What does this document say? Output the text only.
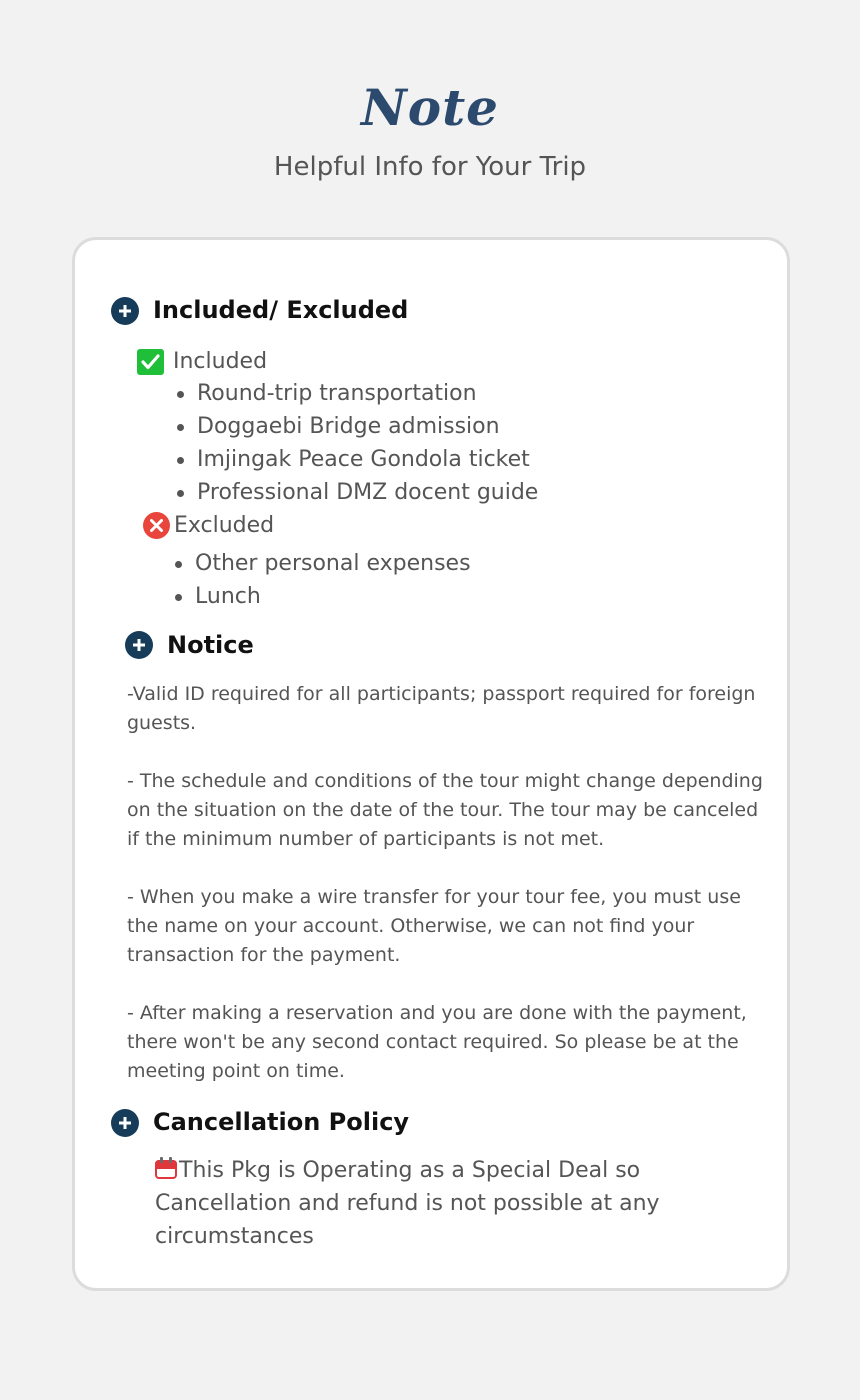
Note
Helpful Info for Your Trip
Included/ Excluded
Included
Round-trip transportation
Doggaebi Bridge admission
Imjingak Peace Gondola ticket
Professional DMZ docent guide
Excluded
Other personal expenses
Lunch
Notice

-Valid ID required for all participants; passport required for foreign guests.

- The schedule and conditions of the tour might change depending on the situation on the date of the tour. The tour may be canceled if the minimum number of participants is not met.

- When you make a wire transfer for your tour fee, you must use the name on your account. Otherwise, we can not find your transaction for the payment.

- After making a reservation and you are done with the payment, there won't be any second contact required. So please be at the meeting point on time.

Cancellation Policy
This Pkg is Operating as a Special Deal so Cancellation and refund is not possible at any circumstances
